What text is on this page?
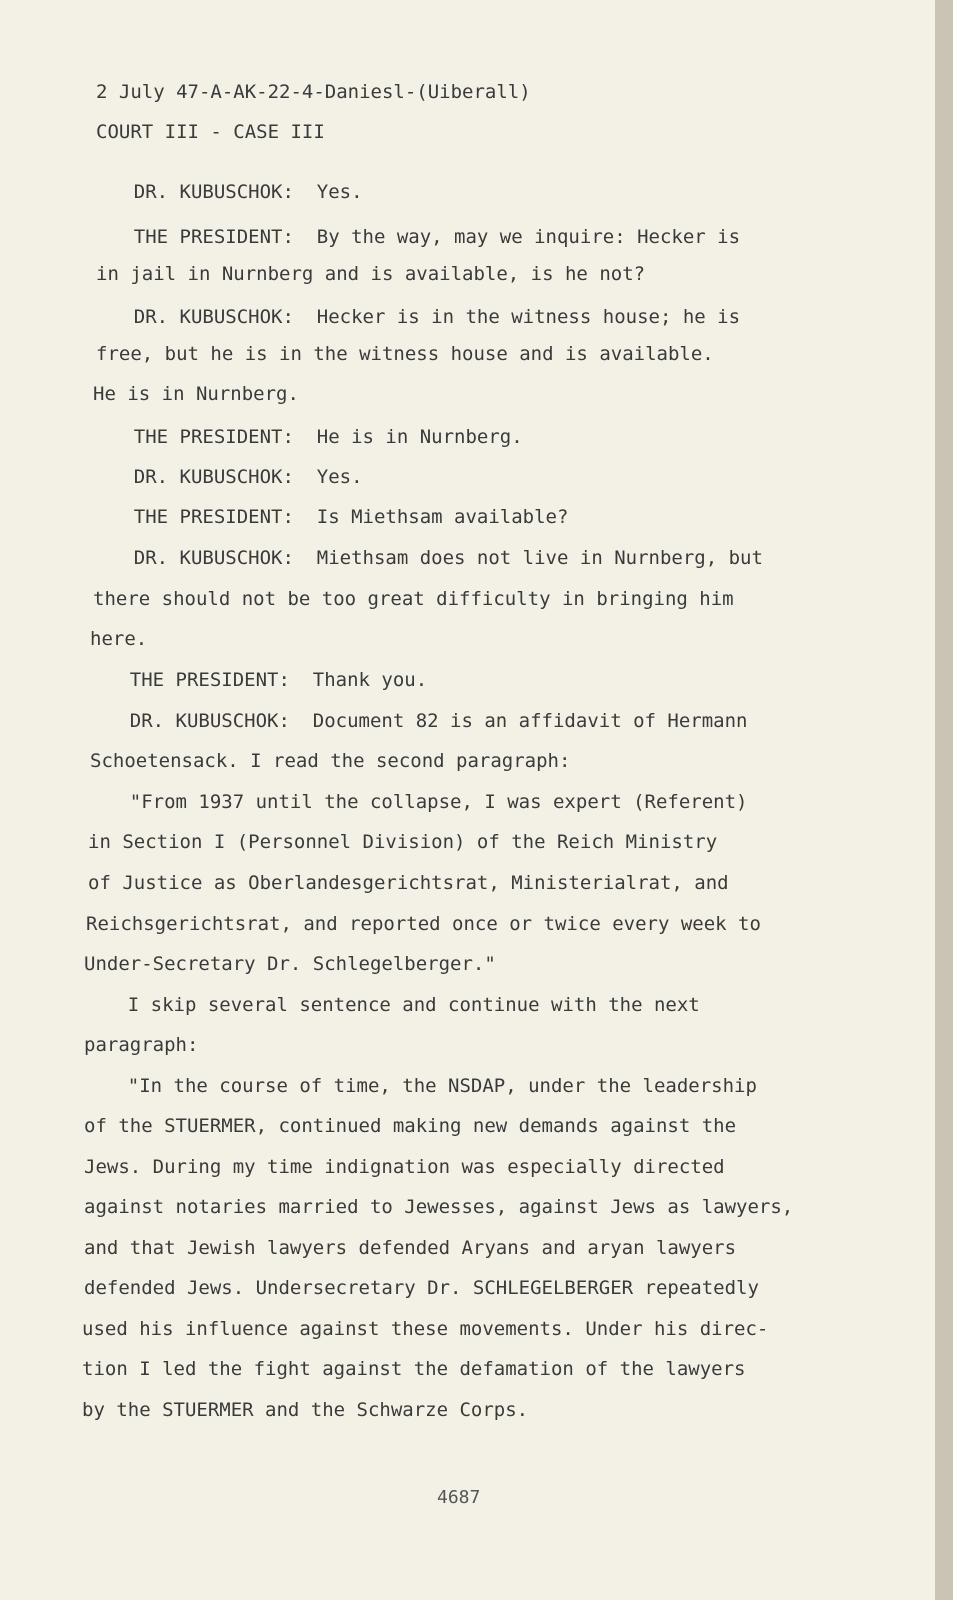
2 July 47-A-AK-22-4-Daniesl-(Uiberall)
COURT III - CASE III
DR. KUBUSCHOK:  Yes.
THE PRESIDENT:  By the way, may we inquire: Hecker is
in jail in Nurnberg and is available, is he not?
DR. KUBUSCHOK:  Hecker is in the witness house; he is
free, but he is in the witness house and is available.
He is in Nurnberg.
THE PRESIDENT:  He is in Nurnberg.
DR. KUBUSCHOK:  Yes.
THE PRESIDENT:  Is Miethsam available?
DR. KUBUSCHOK:  Miethsam does not live in Nurnberg, but
there should not be too great difficulty in bringing him
here.
THE PRESIDENT:  Thank you.
DR. KUBUSCHOK:  Document 82 is an affidavit of Hermann
Schoetensack. I read the second paragraph:
"From 1937 until the collapse, I was expert (Referent)
in Section I (Personnel Division) of the Reich Ministry
of Justice as Oberlandesgerichtsrat, Ministerialrat, and
Reichsgerichtsrat, and reported once or twice every week to
Under-Secretary Dr. Schlegelberger."
I skip several sentence and continue with the next
paragraph:
"In the course of time, the NSDAP, under the leadership
of the STUERMER, continued making new demands against the
Jews. During my time indignation was especially directed
against notaries married to Jewesses, against Jews as lawyers,
and that Jewish lawyers defended Aryans and aryan lawyers
defended Jews. Undersecretary Dr. SCHLEGELBERGER repeatedly
used his influence against these movements. Under his direc-
tion I led the fight against the defamation of the lawyers
by the STUERMER and the Schwarze Corps.
4687
